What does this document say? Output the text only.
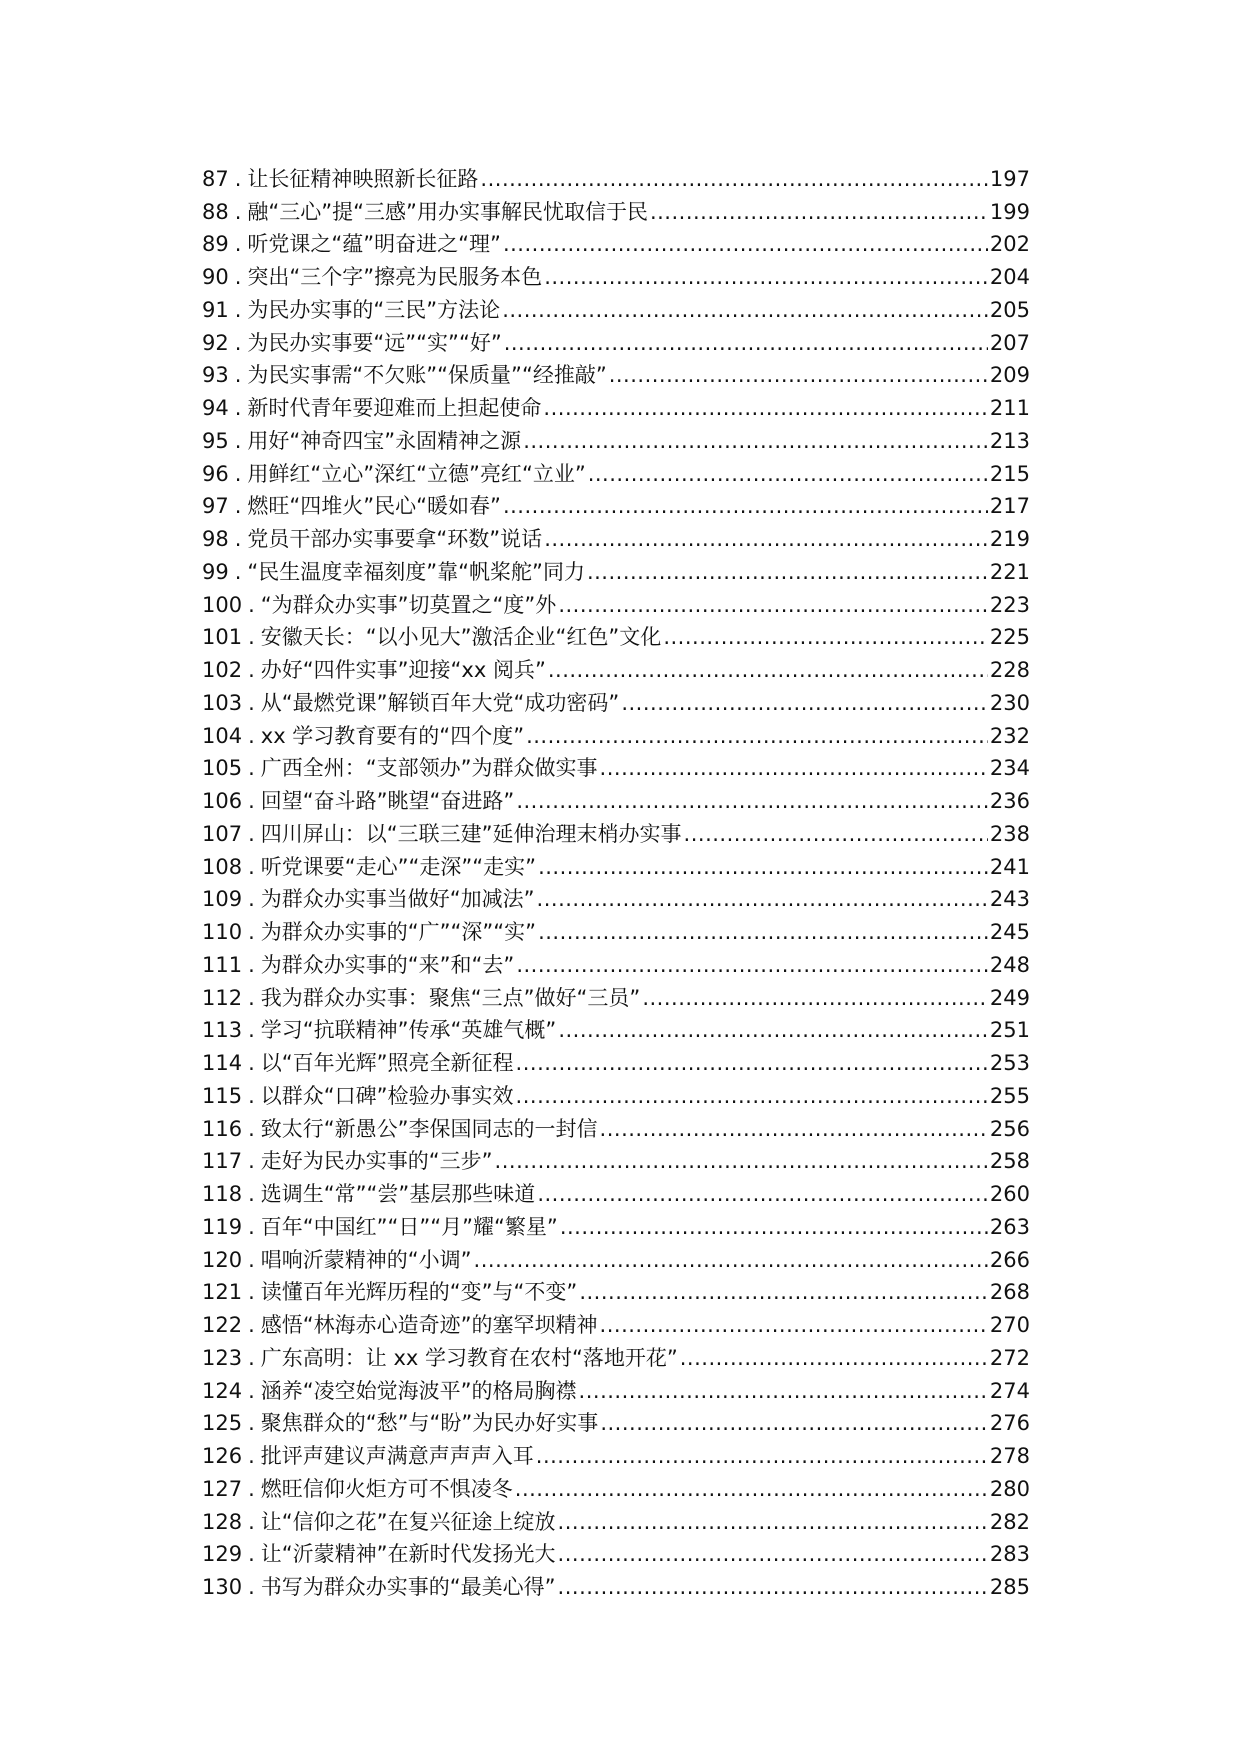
87 . 让长征精神映照新长征路 .....	197
88 . 融“三心”提“三感”用办实事解民忧取信于民 .....	199
89 . 听党课之“蕴”明奋进之“理” .....	202
90 . 突出“三个字”擦亮为民服务本色 .....	204
91 . 为民办实事的“三民”方法论 .....	205
92 . 为民办实事要“远”“实”“好” .....	207
93 . 为民实事需“不欠账”“保质量”“经推敲” .....	209
94 . 新时代青年要迎难而上担起使命 .....	211
95 . 用好“神奇四宝”永固精神之源 .....	213
96 . 用鲜红“立心”深红“立德”亮红“立业” .....	215
97 . 燃旺“四堆火”民心“暖如春” .....	217
98 . 党员干部办实事要拿“环数”说话 .....	219
99 . “民生温度幸福刻度”靠“帆桨舵”同力 .....	221
100 . “为群众办实事”切莫置之“度”外 .....	223
101 . 安徽天长：“以小见大”激活企业“红色”文化 .....	225
102 . 办好“四件实事”迎接“xx 阅兵” .....	228
103 . 从“最燃党课”解锁百年大党“成功密码” .....	230
104 . xx 学习教育要有的“四个度” .....	232
105 . 广西全州：“支部领办”为群众做实事 .....	234
106 . 回望“奋斗路”眺望“奋进路” .....	236
107 . 四川屏山：以“三联三建”延伸治理末梢办实事 .....	238
108 . 听党课要“走心”“走深”“走实” .....	241
109 . 为群众办实事当做好“加减法” .....	243
110 . 为群众办实事的“广”“深”“实” .....	245
111 . 为群众办实事的“来”和“去” .....	248
112 . 我为群众办实事：聚焦“三点”做好“三员” .....	249
113 . 学习“抗联精神”传承“英雄气概” .....	251
114 . 以“百年光辉”照亮全新征程 .....	253
115 . 以群众“口碑”检验办事实效 .....	255
116 . 致太行“新愚公”李保国同志的一封信 .....	256
117 . 走好为民办实事的“三步” .....	258
118 . 选调生“常”“尝”基层那些味道 .....	260
119 . 百年“中国红”“日”“月”耀“繁星” .....	263
120 . 唱响沂蒙精神的“小调” .....	266
121 . 读懂百年光辉历程的“变”与“不变” .....	268
122 . 感悟“林海赤心造奇迹”的塞罕坝精神 .....	270
123 . 广东高明：让 xx 学习教育在农村“落地开花” .....	272
124 . 涵养“凌空始觉海波平”的格局胸襟 .....	274
125 . 聚焦群众的“愁”与“盼”为民办好实事 .....	276
126 . 批评声建议声满意声声声入耳 .....	278
127 . 燃旺信仰火炬方可不惧凌冬 .....	280
128 . 让“信仰之花”在复兴征途上绽放 .....	282
129 . 让“沂蒙精神”在新时代发扬光大 .....	283
130 . 书写为群众办实事的“最美心得” .....	285
